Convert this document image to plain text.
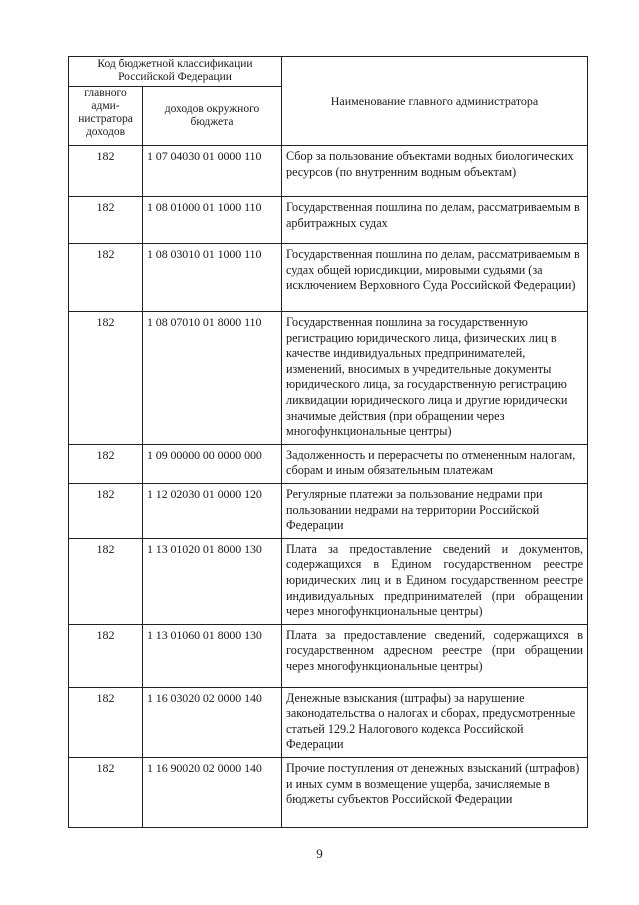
Код бюджетной классификации Российской Федерации		Наименование главного администратора
главного адми-нистратора доходов	доходов окружного бюджета	
182	1 07 04030 01 0000 110	Сбор за пользование объектами водных биологических ресурсов (по внутренним водным объектам)
182	1 08 01000 01 1000 110	Государственная пошлина по делам, рассматриваемым в арбитражных судах
182	1 08 03010 01 1000 110	Государственная пошлина по делам, рассматриваемым в судах общей юрисдикции, мировыми судьями (за исключением Верховного Суда Российской Федерации)
182	1 08 07010 01 8000 110	Государственная пошлина за государственную регистрацию юридического лица, физических лиц в качестве индивидуальных предпринимателей, изменений, вносимых в учредительные документы юридического лица, за государственную регистрацию ликвидации юридического лица и другие юридически значимые действия (при обращении через многофункциональные центры)
182	1 09 00000 00 0000 000	Задолженность и перерасчеты по отмененным налогам, сборам и иным обязательным платежам
182	1 12 02030 01 0000 120	Регулярные платежи за пользование недрами при пользовании недрами на территории Российской Федерации
182	1 13 01020 01 8000 130	Плата за предоставление сведений и документов, содержащихся в Едином государственном реестре юридических лиц и в Едином государственном реестре индивидуальных предпринимателей (при обращении через многофункциональные центры)
182	1 13 01060 01 8000 130	Плата за предоставление сведений, содержащихся в государственном адресном реестре (при обращении через многофункциональные центры)
182	1 16 03020 02 0000 140	Денежные взыскания (штрафы) за нарушение законодательства о налогах и сборах, предусмотренные статьей 129.2 Налогового кодекса Российской Федерации
182	1 16 90020 02 0000 140	Прочие поступления от денежных взысканий (штрафов) и иных сумм в возмещение ущерба, зачисляемые в бюджеты субъектов Российской Федерации
9
